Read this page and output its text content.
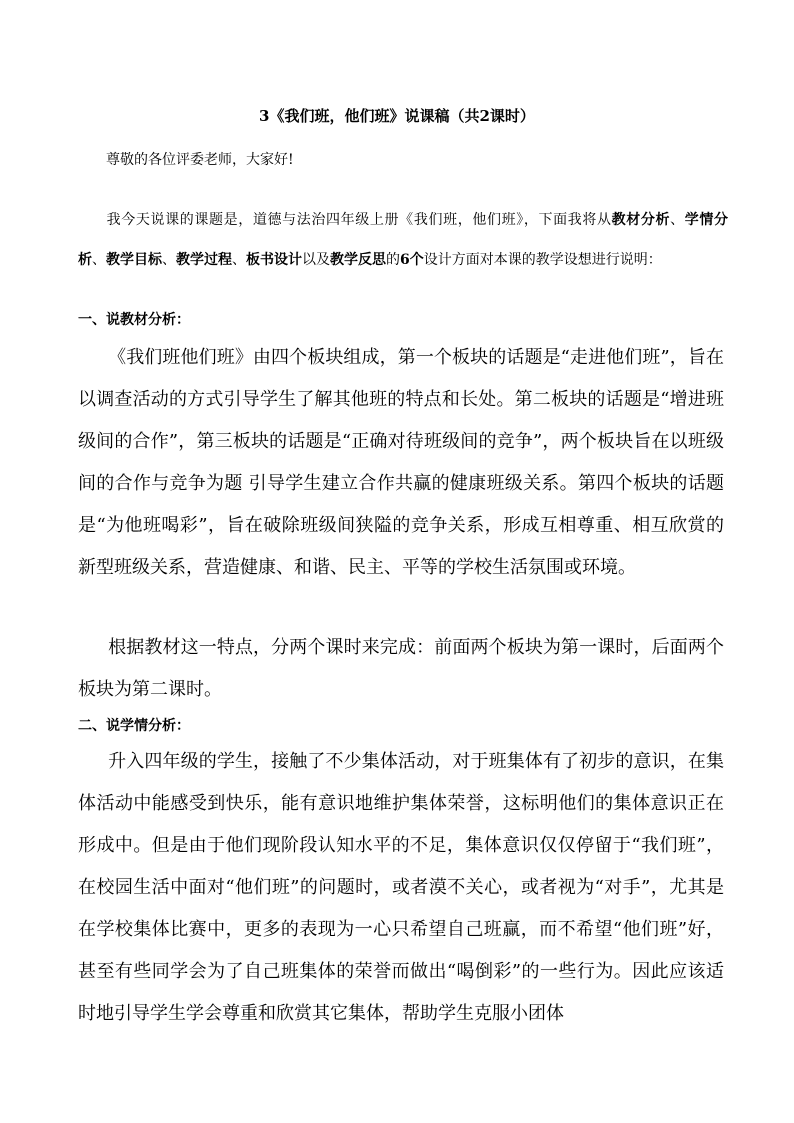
3《我们班，他们班》说课稿（共2课时）
尊敬的各位评委老师，大家好!
我今天说课的课题是，道德与法治四年级上册《我们班，他们班》，下面我将从教材分析、学情分析、教学目标、教学过程、板书设计以及教学反思的6个设计方面对本课的教学设想进行说明：
一、说教材分析：
《我们班他们班》由四个板块组成，第一个板块的话题是“走进他们班”，旨在以调查活动的方式引导学生了解其他班的特点和长处。第二板块的话题是“增进班级间的合作”，第三板块的话题是“正确对待班级间的竞争”，两个板块旨在以班级间的合作与竞争为题 引导学生建立合作共赢的健康班级关系。第四个板块的话题是“为他班喝彩”，旨在破除班级间狭隘的竞争关系，形成互相尊重、相互欣赏的新型班级关系，营造健康、和谐、民主、平等的学校生活氛围或环境。
根据教材这一特点，分两个课时来完成：前面两个板块为第一课时，后面两个板块为第二课时。
二、说学情分析：
升入四年级的学生，接触了不少集体活动，对于班集体有了初步的意识，在集体活动中能感受到快乐，能有意识地维护集体荣誉，这标明他们的集体意识正在形成中。但是由于他们现阶段认知水平的不足，集体意识仅仅停留于“我们班”，在校园生活中面对“他们班”的问题时，或者漠不关心，或者视为“对手”，尤其是在学校集体比赛中，更多的表现为一心只希望自己班赢，而不希望“他们班”好，甚至有些同学会为了自己班集体的荣誉而做出“喝倒彩”的一些行为。因此应该适时地引导学生学会尊重和欣赏其它集体，帮助学生克服小团体
